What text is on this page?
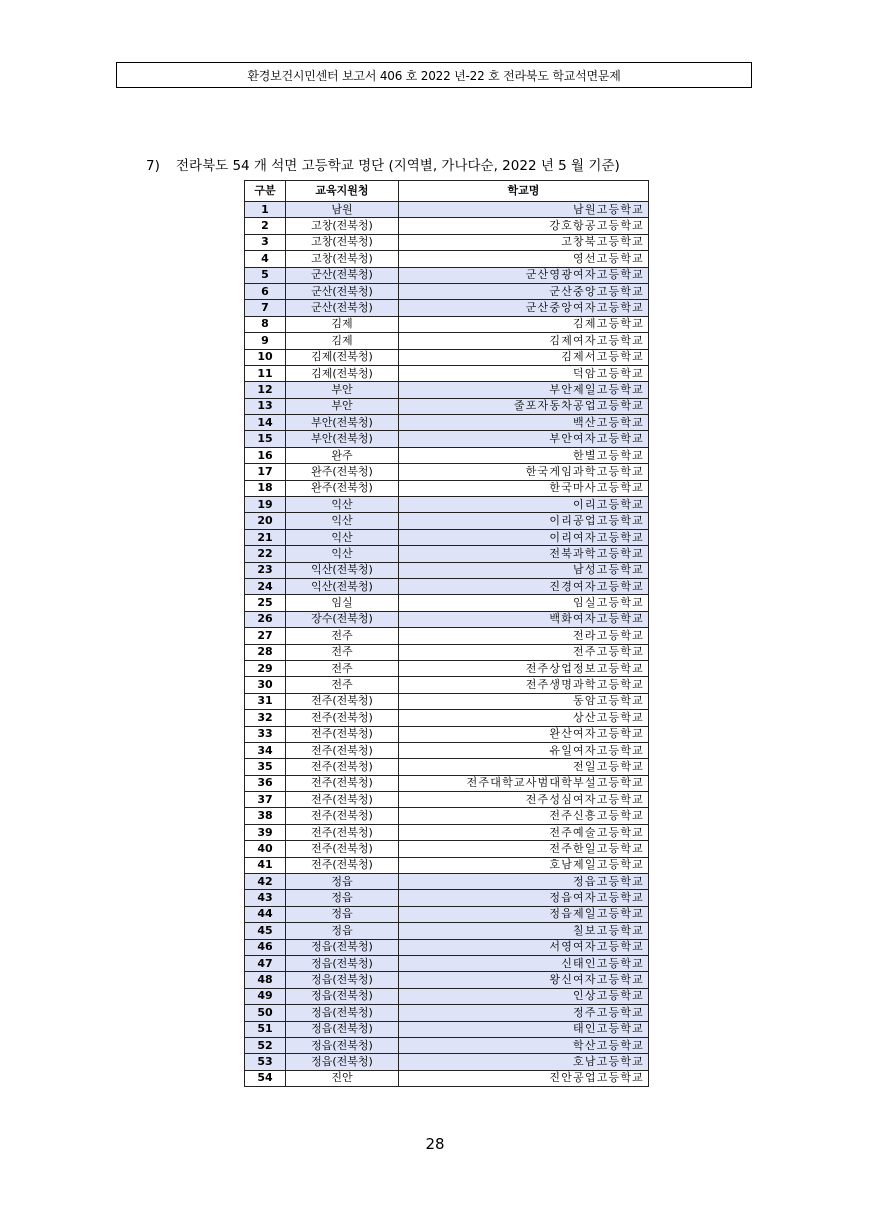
환경보건시민센터 보고서 406 호 2022 년-22 호 전라북도 학교석면문제
7) 전라북도 54 개 석면 고등학교 명단 (지역별, 가나다순, 2022 년 5 월 기준)
구분	교육지원청	학교명
1	남원	남원고등학교
2	고창(전북청)	강호항공고등학교
3	고창(전북청)	고창북고등학교
4	고창(전북청)	영선고등학교
5	군산(전북청)	군산영광여자고등학교
6	군산(전북청)	군산중앙고등학교
7	군산(전북청)	군산중앙여자고등학교
8	김제	김제고등학교
9	김제	김제여자고등학교
10	김제(전북청)	김제서고등학교
11	김제(전북청)	덕암고등학교
12	부안	부안제일고등학교
13	부안	줄포자동차공업고등학교
14	부안(전북청)	백산고등학교
15	부안(전북청)	부안여자고등학교
16	완주	한별고등학교
17	완주(전북청)	한국게임과학고등학교
18	완주(전북청)	한국마사고등학교
19	익산	이리고등학교
20	익산	이리공업고등학교
21	익산	이리여자고등학교
22	익산	전북과학고등학교
23	익산(전북청)	남성고등학교
24	익산(전북청)	진경여자고등학교
25	임실	임실고등학교
26	장수(전북청)	백화여자고등학교
27	전주	전라고등학교
28	전주	전주고등학교
29	전주	전주상업정보고등학교
30	전주	전주생명과학고등학교
31	전주(전북청)	동암고등학교
32	전주(전북청)	상산고등학교
33	전주(전북청)	완산여자고등학교
34	전주(전북청)	유일여자고등학교
35	전주(전북청)	전일고등학교
36	전주(전북청)	전주대학교사범대학부설고등학교
37	전주(전북청)	전주성심여자고등학교
38	전주(전북청)	전주신흥고등학교
39	전주(전북청)	전주예술고등학교
40	전주(전북청)	전주한일고등학교
41	전주(전북청)	호남제일고등학교
42	정읍	정읍고등학교
43	정읍	정읍여자고등학교
44	정읍	정읍제일고등학교
45	정읍	칠보고등학교
46	정읍(전북청)	서영여자고등학교
47	정읍(전북청)	신태인고등학교
48	정읍(전북청)	왕신여자고등학교
49	정읍(전북청)	인상고등학교
50	정읍(전북청)	정주고등학교
51	정읍(전북청)	태인고등학교
52	정읍(전북청)	학산고등학교
53	정읍(전북청)	호남고등학교
54	진안	진안공업고등학교
28
